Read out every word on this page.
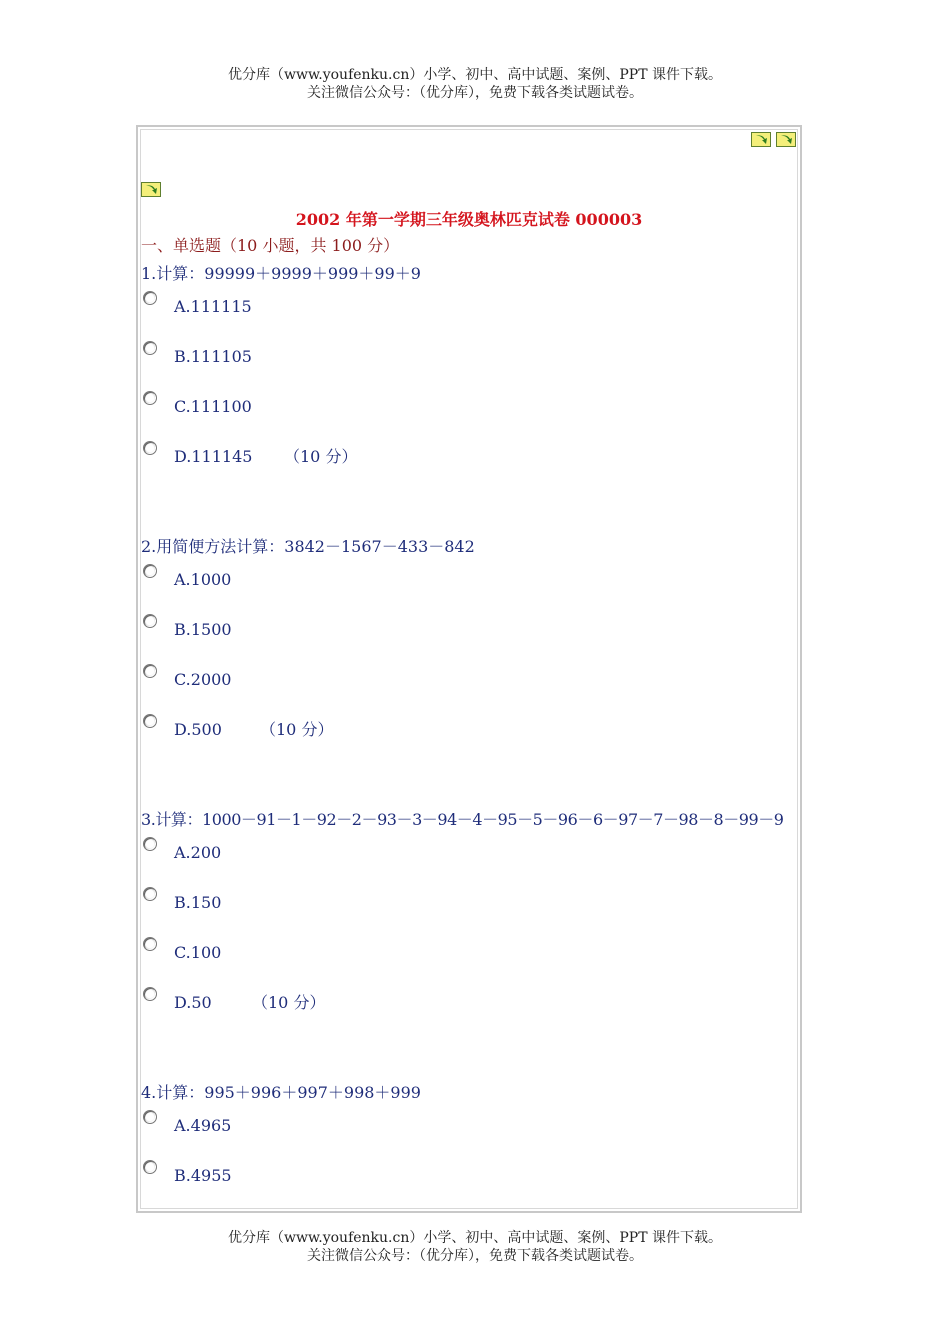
优分库（www.youfenku.cn）小学、初中、高中试题、案例、PPT 课件下载。
关注微信公众号：（优分库），免费下载各类试题试卷。
2002 年第一学期三年级奥林匹克试卷 000003
一、单选题（10 小题，共 100 分）
1.计算：99999＋9999＋999＋99＋9
A.111115
B.111105
C.111100
D.111145 （10 分）
2.用简便方法计算：3842－1567－433－842
A.1000
B.1500
C.2000
D.500 （10 分）
3.计算：1000－91－1－92－2－93－3－94－4－95－5－96－6－97－7－98－8－99－9
A.200
B.150
C.100
D.50	（10 分）
4.计算：995＋996＋997＋998＋999
A.4965
B.4955
优分库（www.youfenku.cn）小学、初中、高中试题、案例、PPT 课件下载。
关注微信公众号：（优分库），免费下载各类试题试卷。
